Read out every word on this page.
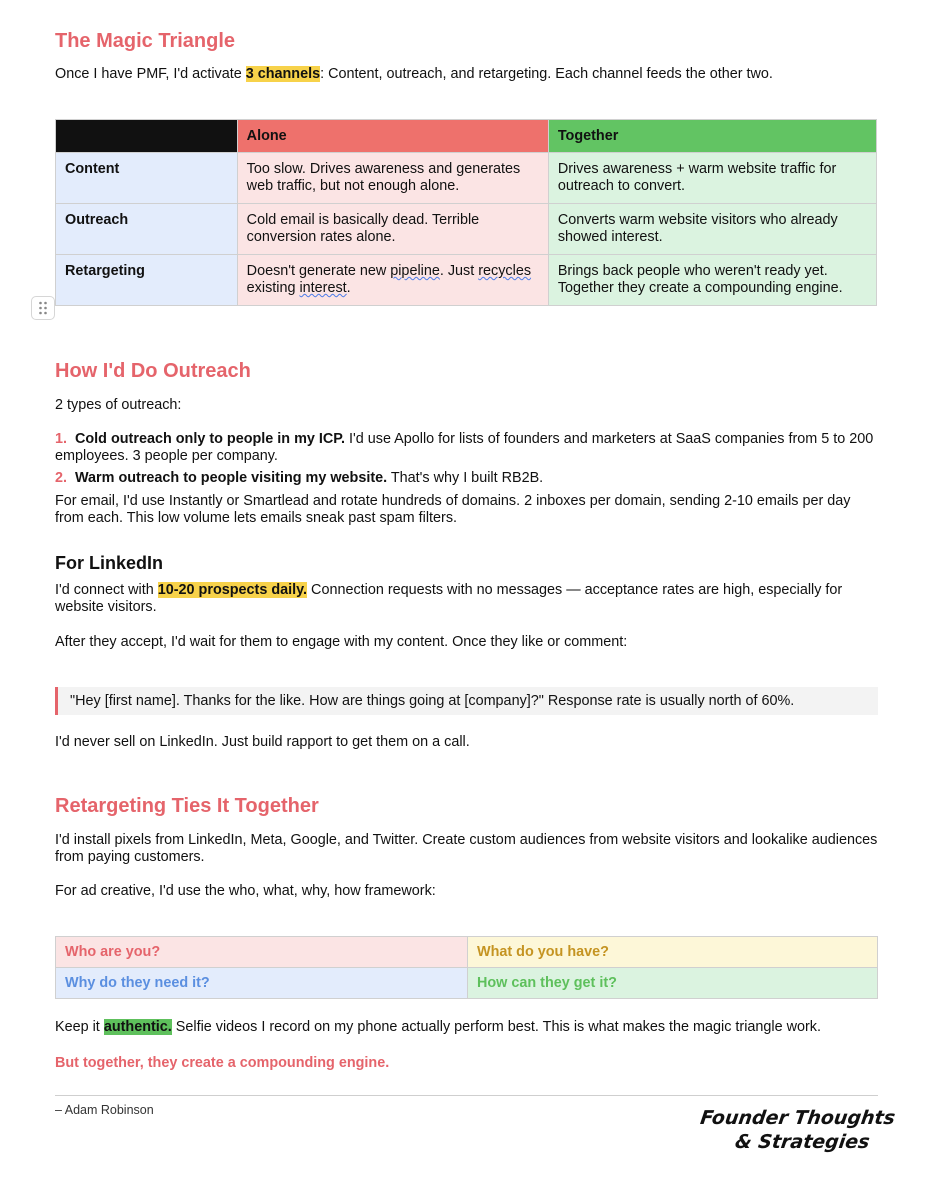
The Magic Triangle

Once I have PMF, I'd activate 3 channels: Content, outreach, and retargeting. Each channel feeds the other two.

	Alone	Together
Content	Too slow. Drives awareness and generates web traffic, but not enough alone.	Drives awareness + warm website traffic for outreach to convert.
Outreach	Cold email is basically dead. Terrible conversion rates alone.	Converts warm website visitors who already showed interest.
Retargeting	Doesn't generate new pipeline. Just recycles existing interest.	Brings back people who weren't ready yet. Together they create a compounding engine.
How I'd Do Outreach

2 types of outreach:

1. Cold outreach only to people in my ICP. I'd use Apollo for lists of founders and marketers at SaaS companies from 5 to 200 employees. 3 people per company.

2. Warm outreach to people visiting my website. That's why I built RB2B.

For email, I'd use Instantly or Smartlead and rotate hundreds of domains. 2 inboxes per domain, sending 2-10 emails per day from each. This low volume lets emails sneak past spam filters.

For LinkedIn

I'd connect with 10-20 prospects daily. Connection requests with no messages — acceptance rates are high, especially for website visitors.

After they accept, I'd wait for them to engage with my content. Once they like or comment:

"Hey [first name]. Thanks for the like. How are things going at [company]?" Response rate is usually north of 60%.

I'd never sell on LinkedIn. Just build rapport to get them on a call.

Retargeting Ties It Together

I'd install pixels from LinkedIn, Meta, Google, and Twitter. Create custom audiences from website visitors and lookalike audiences from paying customers.

For ad creative, I'd use the who, what, why, how framework:

Who are you?	What do you have?
Why do they need it?	How can they get it?

Keep it authentic. Selfie videos I record on my phone actually perform best. This is what makes the magic triangle work.

But together, they create a compounding engine.

– Adam Robinson	Founder Thoughts
& Strategies
